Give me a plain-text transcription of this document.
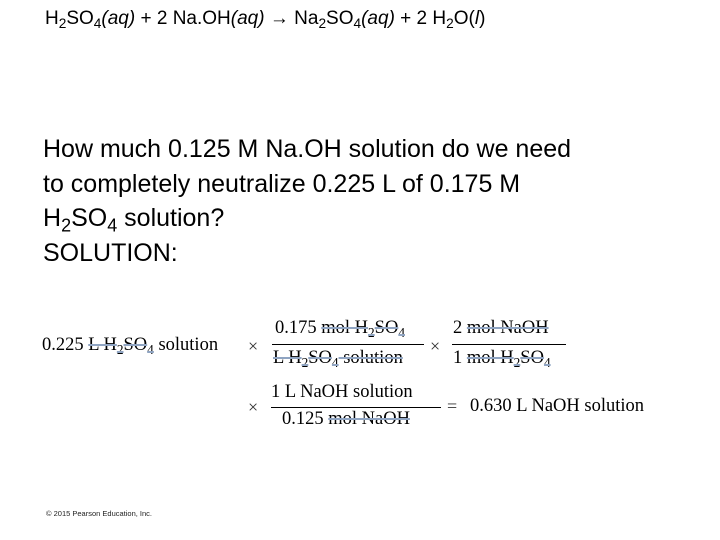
$H_2SO_4(aq) + 2$ $Na.OH(aq) \to Na_2SO_4(aq) + 2$ $H_2O(l)$
How much 0.125 M Na.OH solution do we need
to completely neutralize 0.225 L of 0.175 M
$H_2SO_4$ solution?
SOLUTION:
0.225 L $H_2SO_4$ solution ×
0.175 mol $H_2SO_4$
L $H_2SO_4$ solution
×
2 mol NaOH
1 mol $H_2SO_4$
×
1 L NaOH solution
0.125 mol NaOH
= 0.630 L NaOH solution
© 2015 Pearson Education, Inc.
